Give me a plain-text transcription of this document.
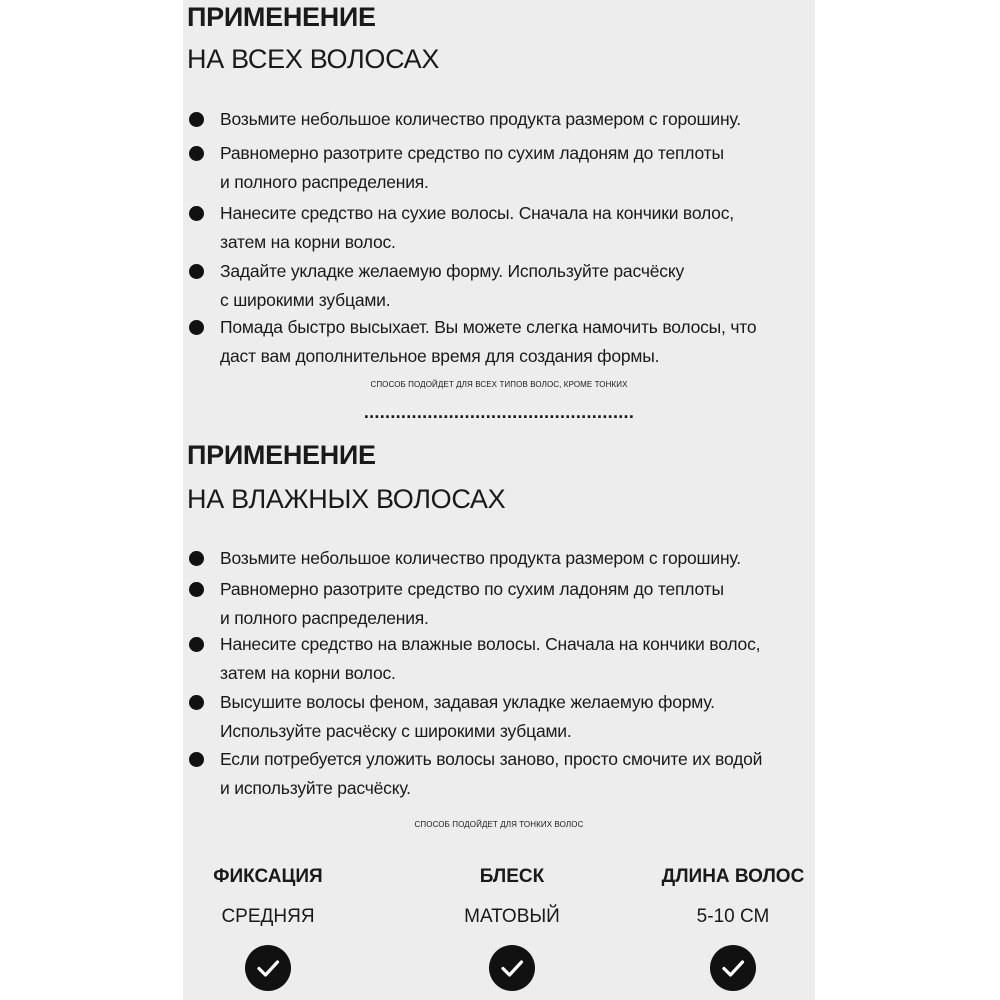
ПРИМЕНЕНИЕ
НА ВСЕХ ВОЛОСАХ
Возьмите небольшое количество продукта размером с горошину.
Равномерно разотрите средство по сухим ладоням до теплоты
и полного распределения.
Нанесите средство на сухие волосы. Сначала на кончики волос,
затем на корни волос.
Задайте укладке желаемую форму. Используйте расчёску
с широкими зубцами.
Помада быстро высыхает. Вы можете слегка намочить волосы, что
даст вам дополнительное время для создания формы.
СПОСОБ ПОДОЙДЕТ ДЛЯ ВСЕХ ТИПОВ ВОЛОС, КРОМЕ ТОНКИХ
...................................................
ПРИМЕНЕНИЕ
НА ВЛАЖНЫХ ВОЛОСАХ
Возьмите небольшое количество продукта размером с горошину.
Равномерно разотрите средство по сухим ладоням до теплоты
и полного распределения.
Нанесите средство на влажные волосы. Сначала на кончики волос,
затем на корни волос.
Высушите волосы феном, задавая укладке желаемую форму.
Используйте расчёску с широкими зубцами.
Если потребуется уложить волосы заново, просто смочите их водой
и используйте расчёску.
СПОСОБ ПОДОЙДЕТ ДЛЯ ТОНКИХ ВОЛОС
ФИКСАЦИЯ
СРЕДНЯЯ
БЛЕСК
МАТОВЫЙ
ДЛИНА ВОЛОС
5-10 СМ
